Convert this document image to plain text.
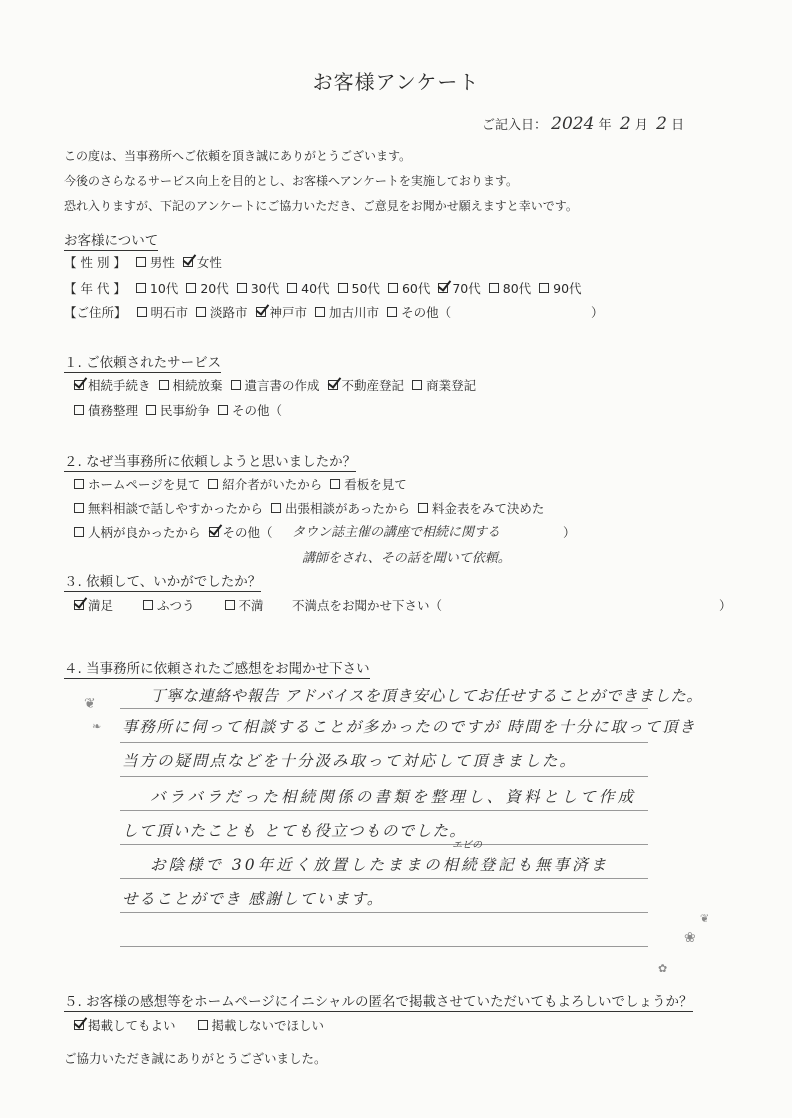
お客様アンケート
ご記入日： 2024 年 2 月 2 日
この度は、当事務所へご依頼を頂き誠にありがとうございます。
今後のさらなるサービス向上を目的とし、お客様へアンケートを実施しております。
恐れ入りますが、下記のアンケートにご協力いただき、ご意見をお聞かせ願えますと幸いです。
お客様について
【 性 別 】 男性 女性
【 年 代 】 10代 20代 30代 40代 50代 60代 70代 80代 90代
【ご住所】 明石市 淡路市 神戸市 加古川市 その他（	）
１. ご依頼されたサービス
相続手続き 相続放棄 遺言書の作成 不動産登記 商業登記
債務整理 民事紛争 その他（
２. なぜ当事務所に依頼しようと思いましたか？
ホームページを見て 紹介者がいたから 看板を見て
無料相談で話しやすかったから 出張相談があったから 料金表をみて決めた
人柄が良かったから その他（ タウン誌主催の講座で相続に関する	）
講師をされ、その話を聞いて依頼。
３. 依頼して、いかがでしたか？
満足	ふつう	不満 不満点をお聞かせ下さい（	）
４. 当事務所に依頼されたご感想をお聞かせ下さい
丁寧な連絡や報告 アドバイスを頂き安心してお任せすることができました。
事務所に伺って相談することが多かったのですが 時間を十分に取って頂き
当方の疑問点などを十分汲み取って対応して頂きました。
バラバラだった相続関係の書類を整理し、資料として作成
して頂いたことも とても役立つものでした。
エビの
お陰様で 30年近く放置したままの相続登記も無事済ま
せることができ 感謝しています。
❦
❧
❀
❦
✿
５. お客様の感想等をホームページにイニシャルの匿名で掲載させていただいてもよろしいでしょうか？
掲載してもよい	掲載しないでほしい
ご協力いただき誠にありがとうございました。
